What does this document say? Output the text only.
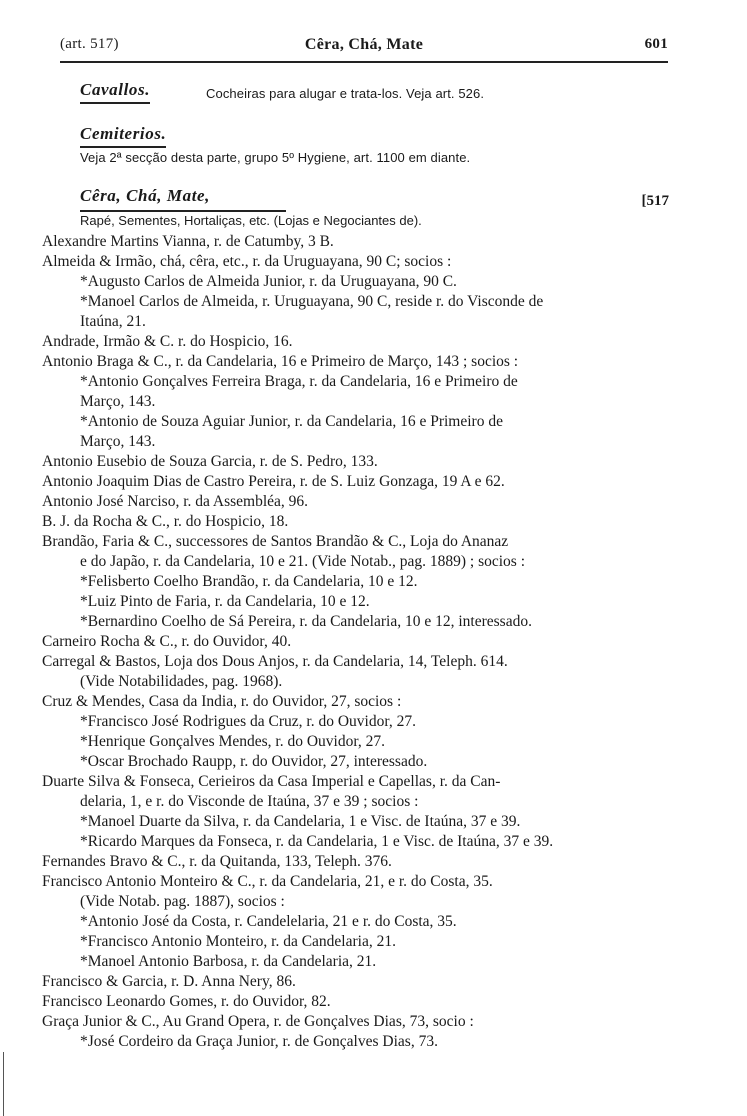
(art. 517)	Cêra, Chá, Mate	601
Cavallos.	Cocheiras para alugar e trata-los. Veja art. 526.
Cemiterios.
Veja 2ª secção desta parte, grupo 5º Hygiene, art. 1100 em diante.
Cêra, Chá, Mate,	[517
Rapé, Sementes, Hortaliças, etc. (Lojas e Negociantes de).
Alexandre Martins Vianna, r. de Catumby, 3 B.
Almeida & Irmão, chá, cêra, etc., r. da Uruguayana, 90 C; socios :
*Augusto Carlos de Almeida Junior, r. da Uruguayana, 90 C.
*Manoel Carlos de Almeida, r. Uruguayana, 90 C, reside r. do Visconde de
Itaúna, 21.
Andrade, Irmão & C. r. do Hospicio, 16.
Antonio Braga & C., r. da Candelaria, 16 e Primeiro de Março, 143 ; socios :
*Antonio Gonçalves Ferreira Braga, r. da Candelaria, 16 e Primeiro de
Março, 143.
*Antonio de Souza Aguiar Junior, r. da Candelaria, 16 e Primeiro de
Março, 143.
Antonio Eusebio de Souza Garcia, r. de S. Pedro, 133.
Antonio Joaquim Dias de Castro Pereira, r. de S. Luiz Gonzaga, 19 A e 62.
Antonio José Narciso, r. da Assembléa, 96.
B. J. da Rocha & C., r. do Hospicio, 18.
Brandão, Faria & C., successores de Santos Brandão & C., Loja do Ananaz
e do Japão, r. da Candelaria, 10 e 21. (Vide Notab., pag. 1889) ; socios :
*Felisberto Coelho Brandão, r. da Candelaria, 10 e 12.
*Luiz Pinto de Faria, r. da Candelaria, 10 e 12.
*Bernardino Coelho de Sá Pereira, r. da Candelaria, 10 e 12, interessado.
Carneiro Rocha & C., r. do Ouvidor, 40.
Carregal & Bastos, Loja dos Dous Anjos, r. da Candelaria, 14, Teleph. 614.
(Vide Notabilidades, pag. 1968).
Cruz & Mendes, Casa da India, r. do Ouvidor, 27, socios :
*Francisco José Rodrigues da Cruz, r. do Ouvidor, 27.
*Henrique Gonçalves Mendes, r. do Ouvidor, 27.
*Oscar Brochado Raupp, r. do Ouvidor, 27, interessado.
Duarte Silva & Fonseca, Cerieiros da Casa Imperial e Capellas, r. da Can-
delaria, 1, e r. do Visconde de Itaúna, 37 e 39 ; socios :
*Manoel Duarte da Silva, r. da Candelaria, 1 e Visc. de Itaúna, 37 e 39.
*Ricardo Marques da Fonseca, r. da Candelaria, 1 e Visc. de Itaúna, 37 e 39.
Fernandes Bravo & C., r. da Quitanda, 133, Teleph. 376.
Francisco Antonio Monteiro & C., r. da Candelaria, 21, e r. do Costa, 35.
(Vide Notab. pag. 1887), socios :
*Antonio José da Costa, r. Candelelaria, 21 e r. do Costa, 35.
*Francisco Antonio Monteiro, r. da Candelaria, 21.
*Manoel Antonio Barbosa, r. da Candelaria, 21.
Francisco & Garcia, r. D. Anna Nery, 86.
Francisco Leonardo Gomes, r. do Ouvidor, 82.
Graça Junior & C., Au Grand Opera, r. de Gonçalves Dias, 73, socio :
*José Cordeiro da Graça Junior, r. de Gonçalves Dias, 73.
